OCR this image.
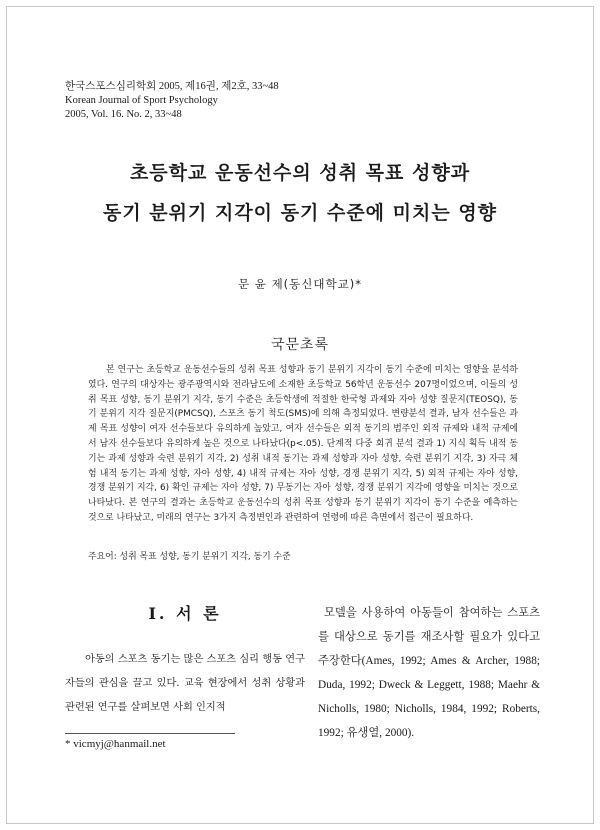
한국스포스심리학회 2005, 제16권, 제2호, 33~48
Korean Journal of Sport Psychology
2005, Vol. 16. No. 2, 33~48
초등학교 운동선수의 성취 목표 성향과
동기 분위기 지각이 동기 수준에 미치는 영향
문 윤 제(동신대학교)*
국문초록

본 연구는 초등학교 운동선수들의 성취 목표 성향과 동기 분위기 지각이 동기 수준에 미치는 영향을 분석하였다. 연구의 대상자는 광주광역시와 전라남도에 소재한 초등학교 56학년 운동선수 207명이었으며, 이들의 성취 목표 성향, 동기 분위기 지각, 동기 수준은 초등학생에 적절한 한국형 과제와 자아 성향 질문지(TEOSQ), 동기 분위기 지각 질문지(PMCSQ), 스포츠 동기 척도(SMS)에 의해 측정되었다. 변량분석 결과, 남자 선수들은 과제 목표 성향이 여자 선수들보다 유의하게 높았고, 여자 선수들은 외적 동기의 범주인 외적 규제와 내적 규제에서 남자 선수들보다 유의하게 높은 것으로 나타났다(p<.05). 단계적 다중 회귀 분석 결과 1) 지식 획득 내적 동기는 과제 성향과 숙련 분위기 지각, 2) 성취 내적 동기는 과제 성향과 자아 성향, 숙련 분위기 지각, 3) 자극 체험 내적 동기는 과제 성향, 자아 성향, 4) 내적 규제는 자아 성향, 경쟁 분위기 지각, 5) 외적 규제는 자아 성향, 경쟁 분위기 지각, 6) 확인 규제는 자아 성향, 7) 무동기는 자아 성향, 경쟁 분위기 지각에 영향을 미치는 것으로 나타났다. 본 연구의 결과는 초등학교 운동선수의 성취 목표 성향과 동기 분위기 지각이 동기 수준을 예측하는 것으로 나타났고, 미래의 연구는 3가지 측정변인과 관련하여 연령에 따른 측면에서 접근이 필요하다.

주요어: 성취 목표 성향, 동기 분위기 지각, 동기 수준

I. 서 론

아동의 스포츠 동기는 많은 스포츠 심리 행동 연구자들의 관심을 끌고 있다. 교육 현장에서 성취 상황과 관련된 연구를 살펴보면 사회 인지적

모델을 사용하여 아동들이 참여하는 스포츠를 대상으로 동기를 재조사할 필요가 있다고 주장한다(Ames, 1992; Ames & Archer, 1988; Duda, 1992; Dweck & Leggett, 1988; Maehr & Nicholls, 1980; Nicholls, 1984, 1992; Roberts, 1992; 유생열, 2000).

* vicmyj@hanmail.net
